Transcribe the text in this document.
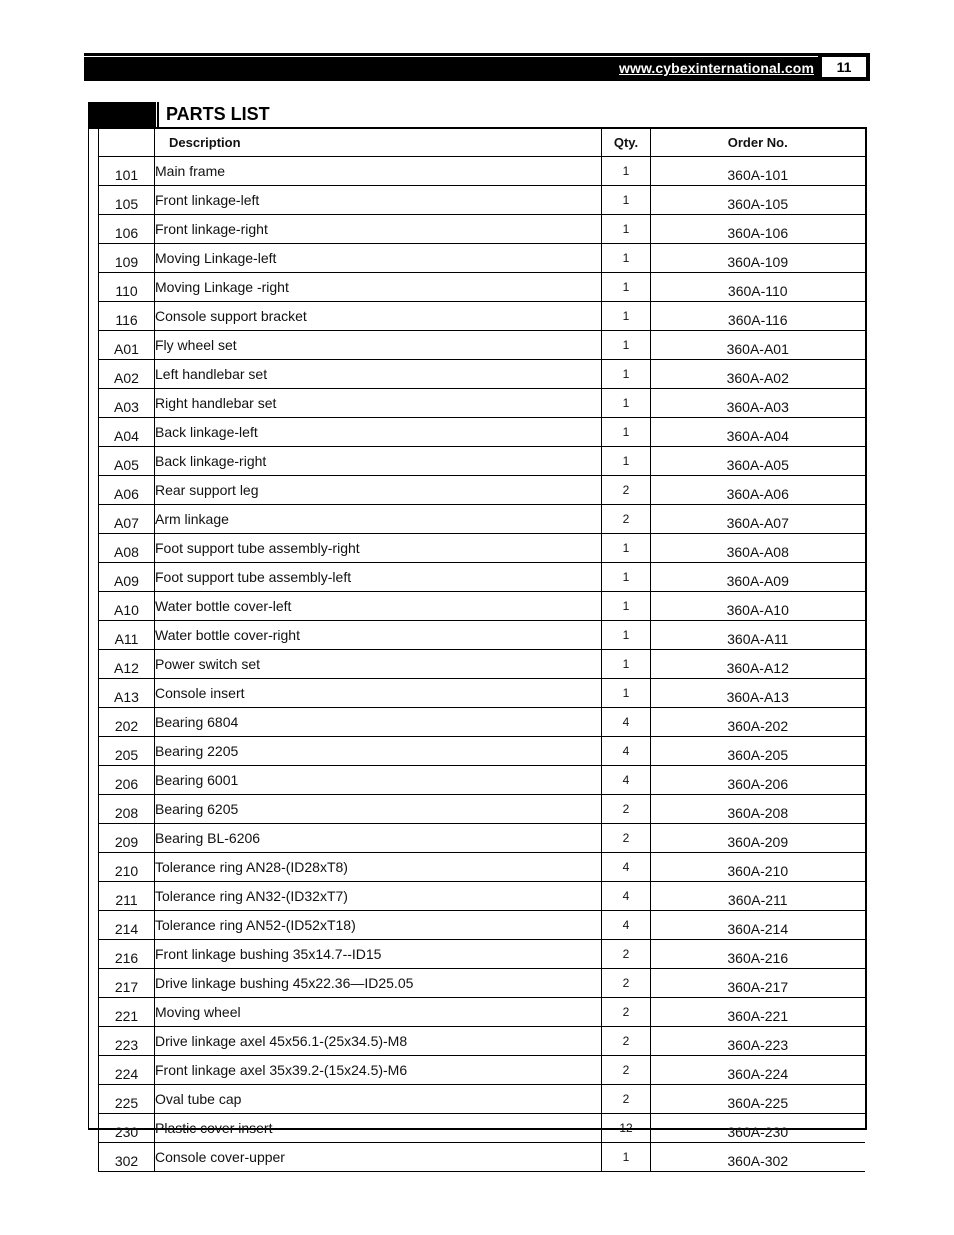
www.cybexinternational.com	11
PARTS LIST
	Description	Qty.	Order No.
101	Main frame	1	360A-101
105	Front linkage-left	1	360A-105
106	Front linkage-right	1	360A-106
109	Moving Linkage-left	1	360A-109
110	Moving Linkage -right	1	360A-110
116	Console support bracket	1	360A-116
A01	Fly wheel set	1	360A-A01
A02	Left handlebar set	1	360A-A02
A03	Right handlebar set	1	360A-A03
A04	Back linkage-left	1	360A-A04
A05	Back linkage-right	1	360A-A05
A06	Rear support leg	2	360A-A06
A07	Arm linkage	2	360A-A07
A08	Foot support tube assembly-right	1	360A-A08
A09	Foot support tube assembly-left	1	360A-A09
A10	Water bottle cover-left	1	360A-A10
A11	Water bottle cover-right	1	360A-A11
A12	Power switch set	1	360A-A12
A13	Console insert	1	360A-A13
202	Bearing 6804	4	360A-202
205	Bearing 2205	4	360A-205
206	Bearing 6001	4	360A-206
208	Bearing 6205	2	360A-208
209	Bearing BL-6206	2	360A-209
210	Tolerance ring AN28-(ID28xT8)	4	360A-210
211	Tolerance ring AN32-(ID32xT7)	4	360A-211
214	Tolerance ring AN52-(ID52xT18)	4	360A-214
216	Front linkage bushing 35x14.7--ID15	2	360A-216
217	Drive linkage bushing 45x22.36—ID25.05	2	360A-217
221	Moving wheel	2	360A-221
223	Drive linkage axel 45x56.1-(25x34.5)-M8	2	360A-223
224	Front linkage axel 35x39.2-(15x24.5)-M6	2	360A-224
225	Oval tube cap	2	360A-225
230	Plastic cover insert	12	360A-230
302	Console cover-upper	1	360A-302
